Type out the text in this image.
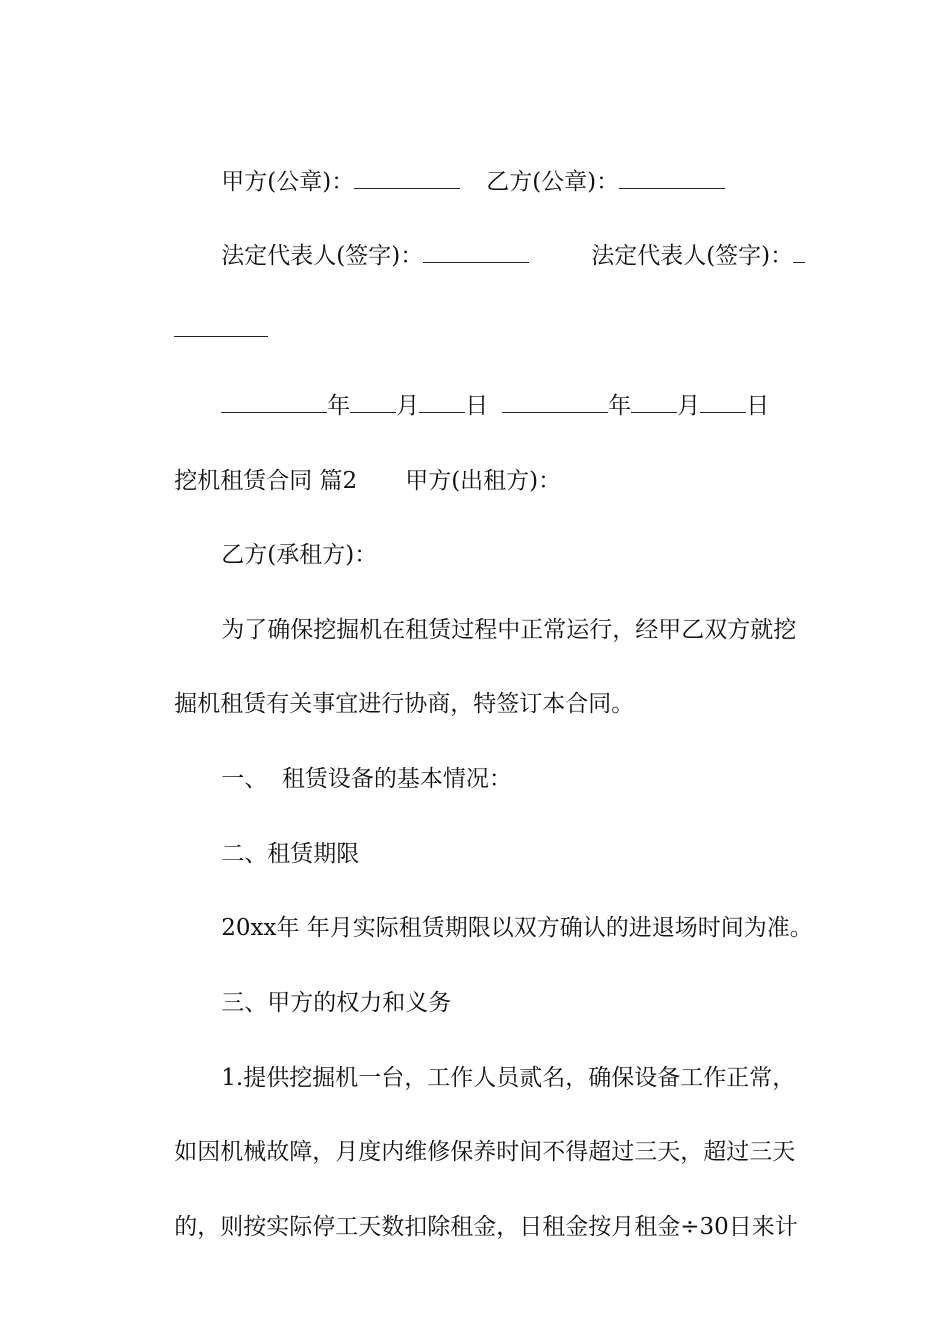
甲方(公章)：	乙方(公章)：

法定代表人(签字)：	法定代表人(签字)：

年 月 日	年 月 日

挖机租赁合同 篇2 甲方(出租方)：

乙方(承租方)：

为了确保挖掘机在租赁过程中正常运行，经甲乙双方就挖

掘机租赁有关事宜进行协商，特签订本合同。

一、  租赁设备的基本情况：

二、租赁期限

20xx年 年月实际租赁期限以双方确认的进退场时间为准。

三、甲方的权力和义务

1.提供挖掘机一台，工作人员贰名，确保设备工作正常，

如因机械故障，月度内维修保养时间不得超过三天，超过三天

的，则按实际停工天数扣除租金，日租金按月租金÷30日来计
